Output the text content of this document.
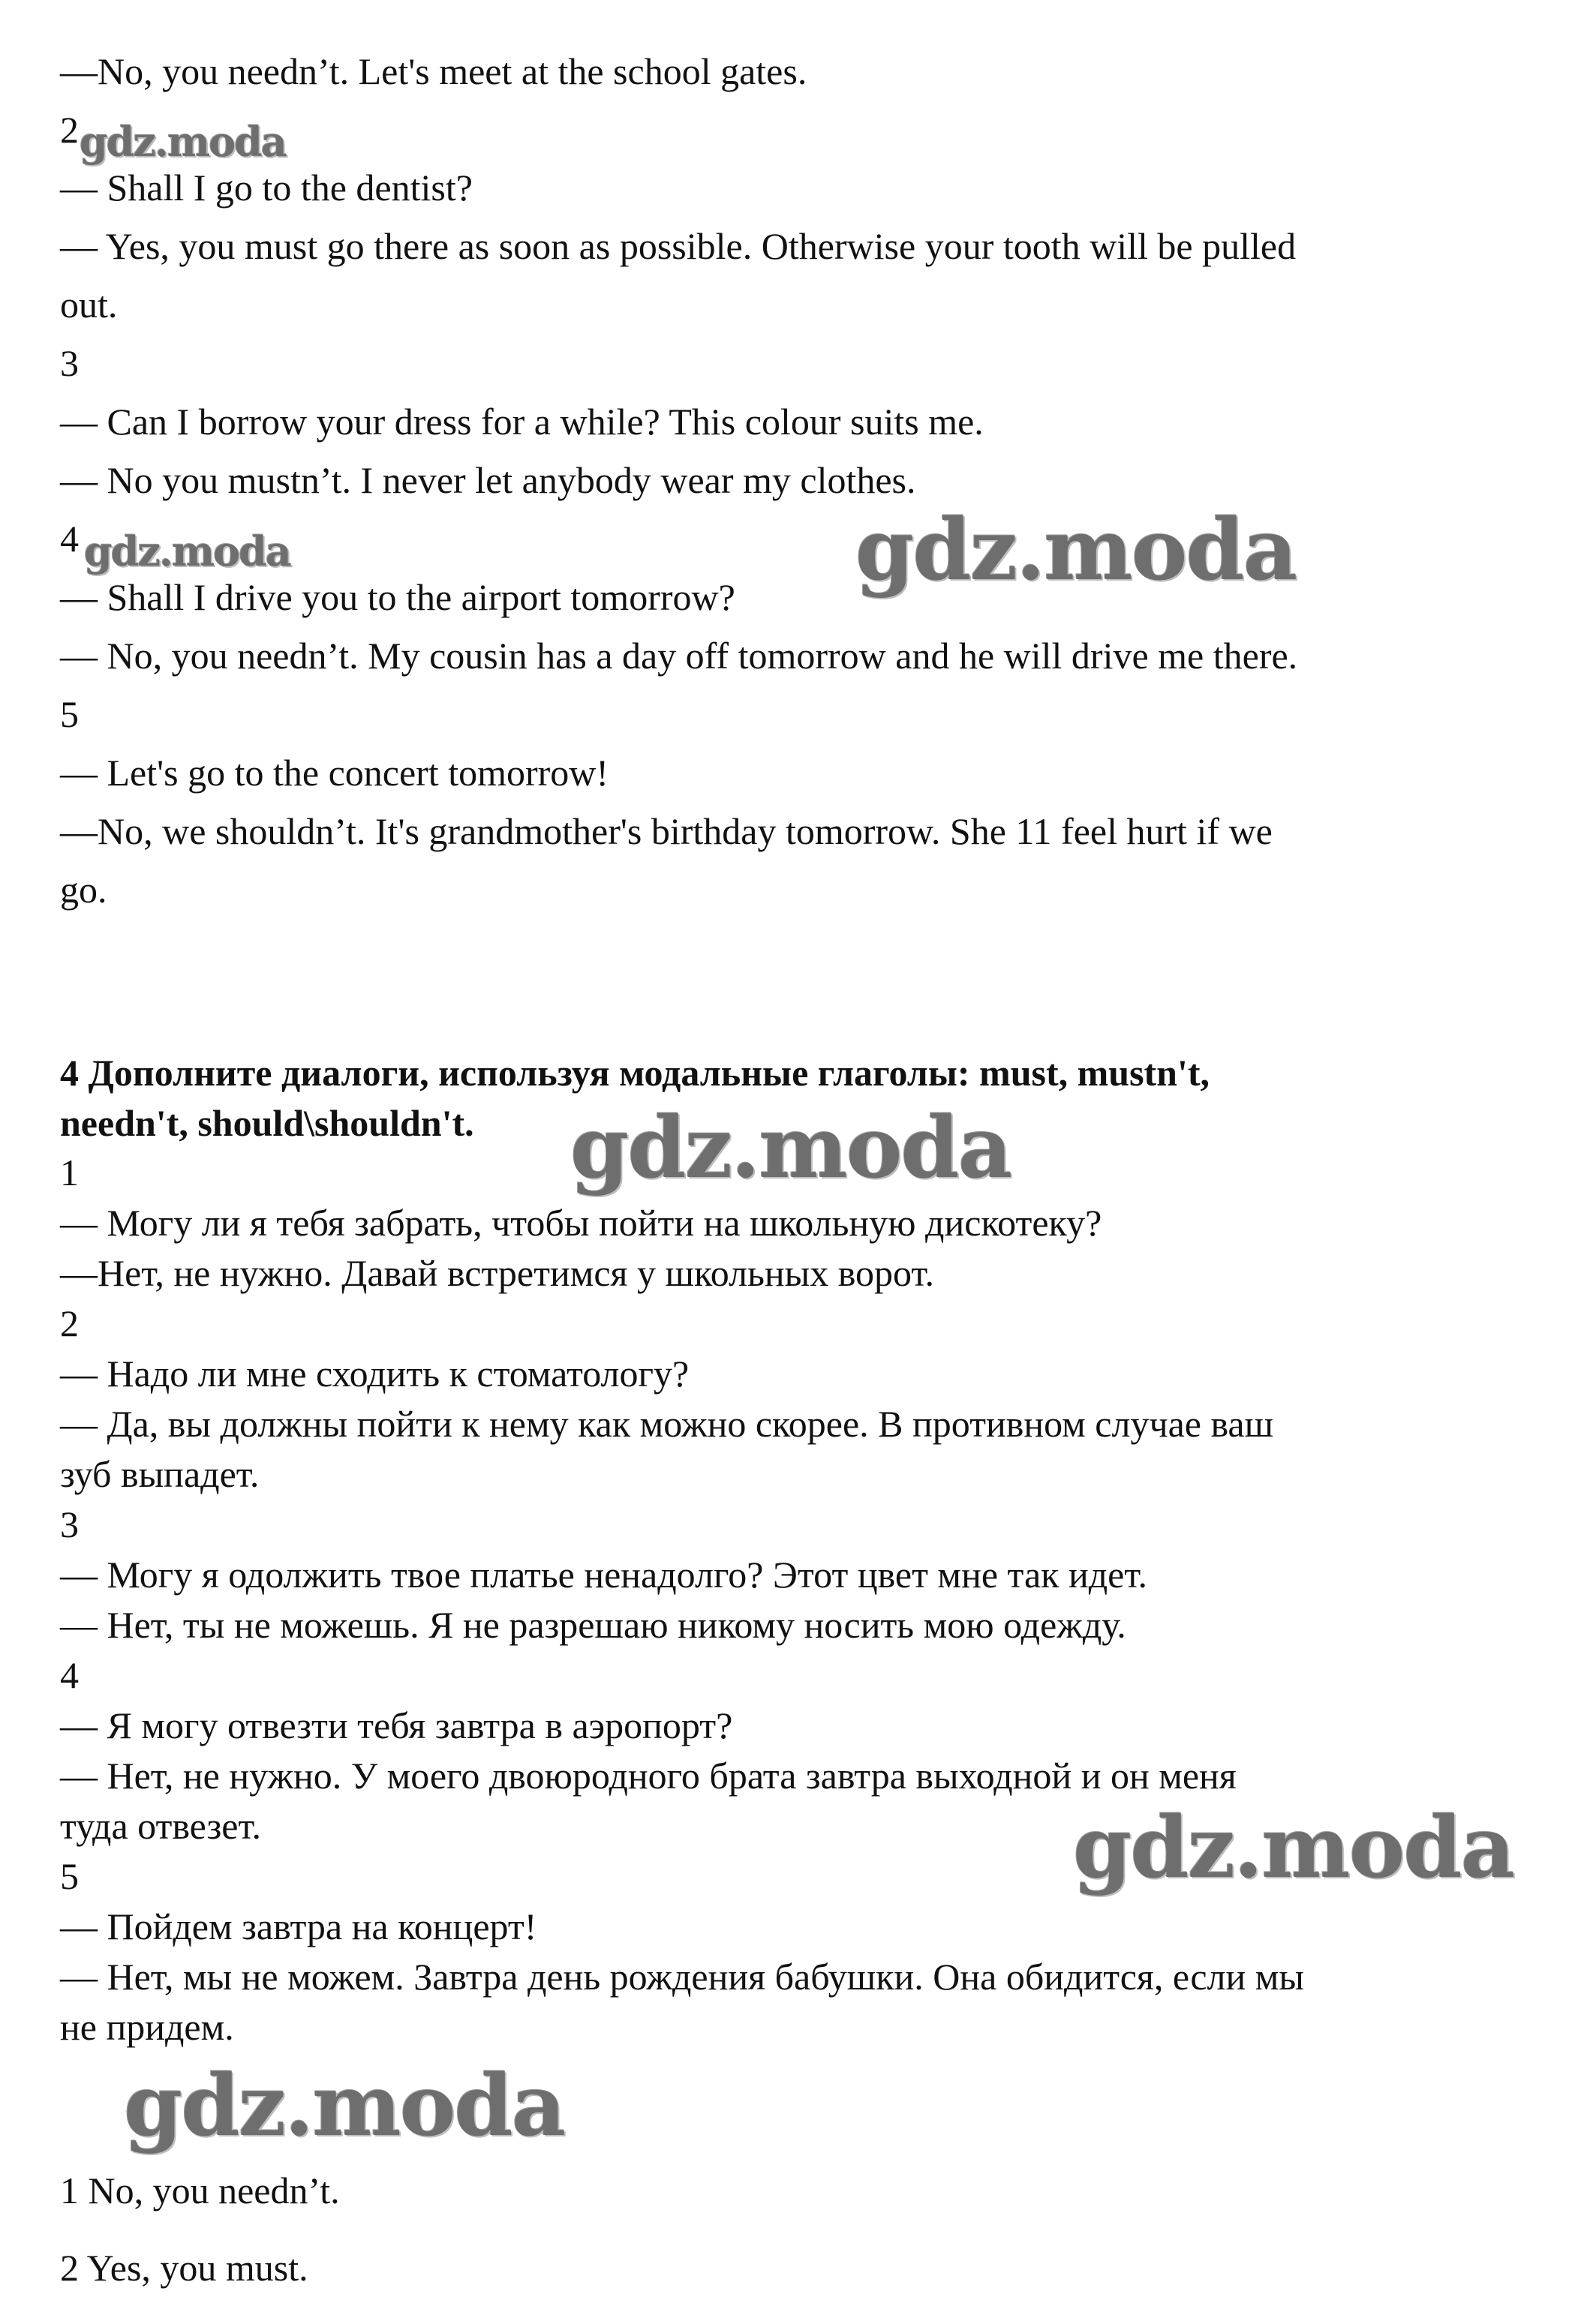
—No, you needn’t. Let's meet at the school gates.
2 gdz.moda
— Shall I go to the dentist?
— Yes, you must go there as soon as possible. Otherwise your tooth will be pulled
out.
3
— Can I borrow your dress for a while? This colour suits me.
— No you mustn’t. I never let anybody wear my clothes.
4 gdz.moda	gdz.moda
— Shall I drive you to the airport tomorrow?
— No, you needn’t. My cousin has a day off tomorrow and he will drive me there.
5
— Let's go to the concert tomorrow!
—No, we shouldn’t. It's grandmother's birthday tomorrow. She 11 feel hurt if we
go.
4 Дополните диалоги, используя модальные глаголы: must, mustn't,
needn't, should\shouldn't. gdz.moda
1
— Могу ли я тебя забрать, чтобы пойти на школьную дискотеку?
—Нет, не нужно. Давай встретимся у школьных ворот.
2
— Надо ли мне сходить к стоматологу?
— Да, вы должны пойти к нему как можно скорее. В противном случае ваш
зуб выпадет.
3
— Могу я одолжить твое платье ненадолго? Этот цвет мне так идет.
— Нет, ты не можешь. Я не разрешаю никому носить мою одежду.
4
— Я могу отвезти тебя завтра в аэропорт?
— Нет, не нужно. У моего двоюродного брата завтра выходной и он меня
туда отвезет.	gdz.moda
5
— Пойдем завтра на концерт!
— Нет, мы не можем. Завтра день рождения бабушки. Она обидится, если мы
не придем.
gdz.moda
1 No, you needn’t.
2 Yes, you must.
